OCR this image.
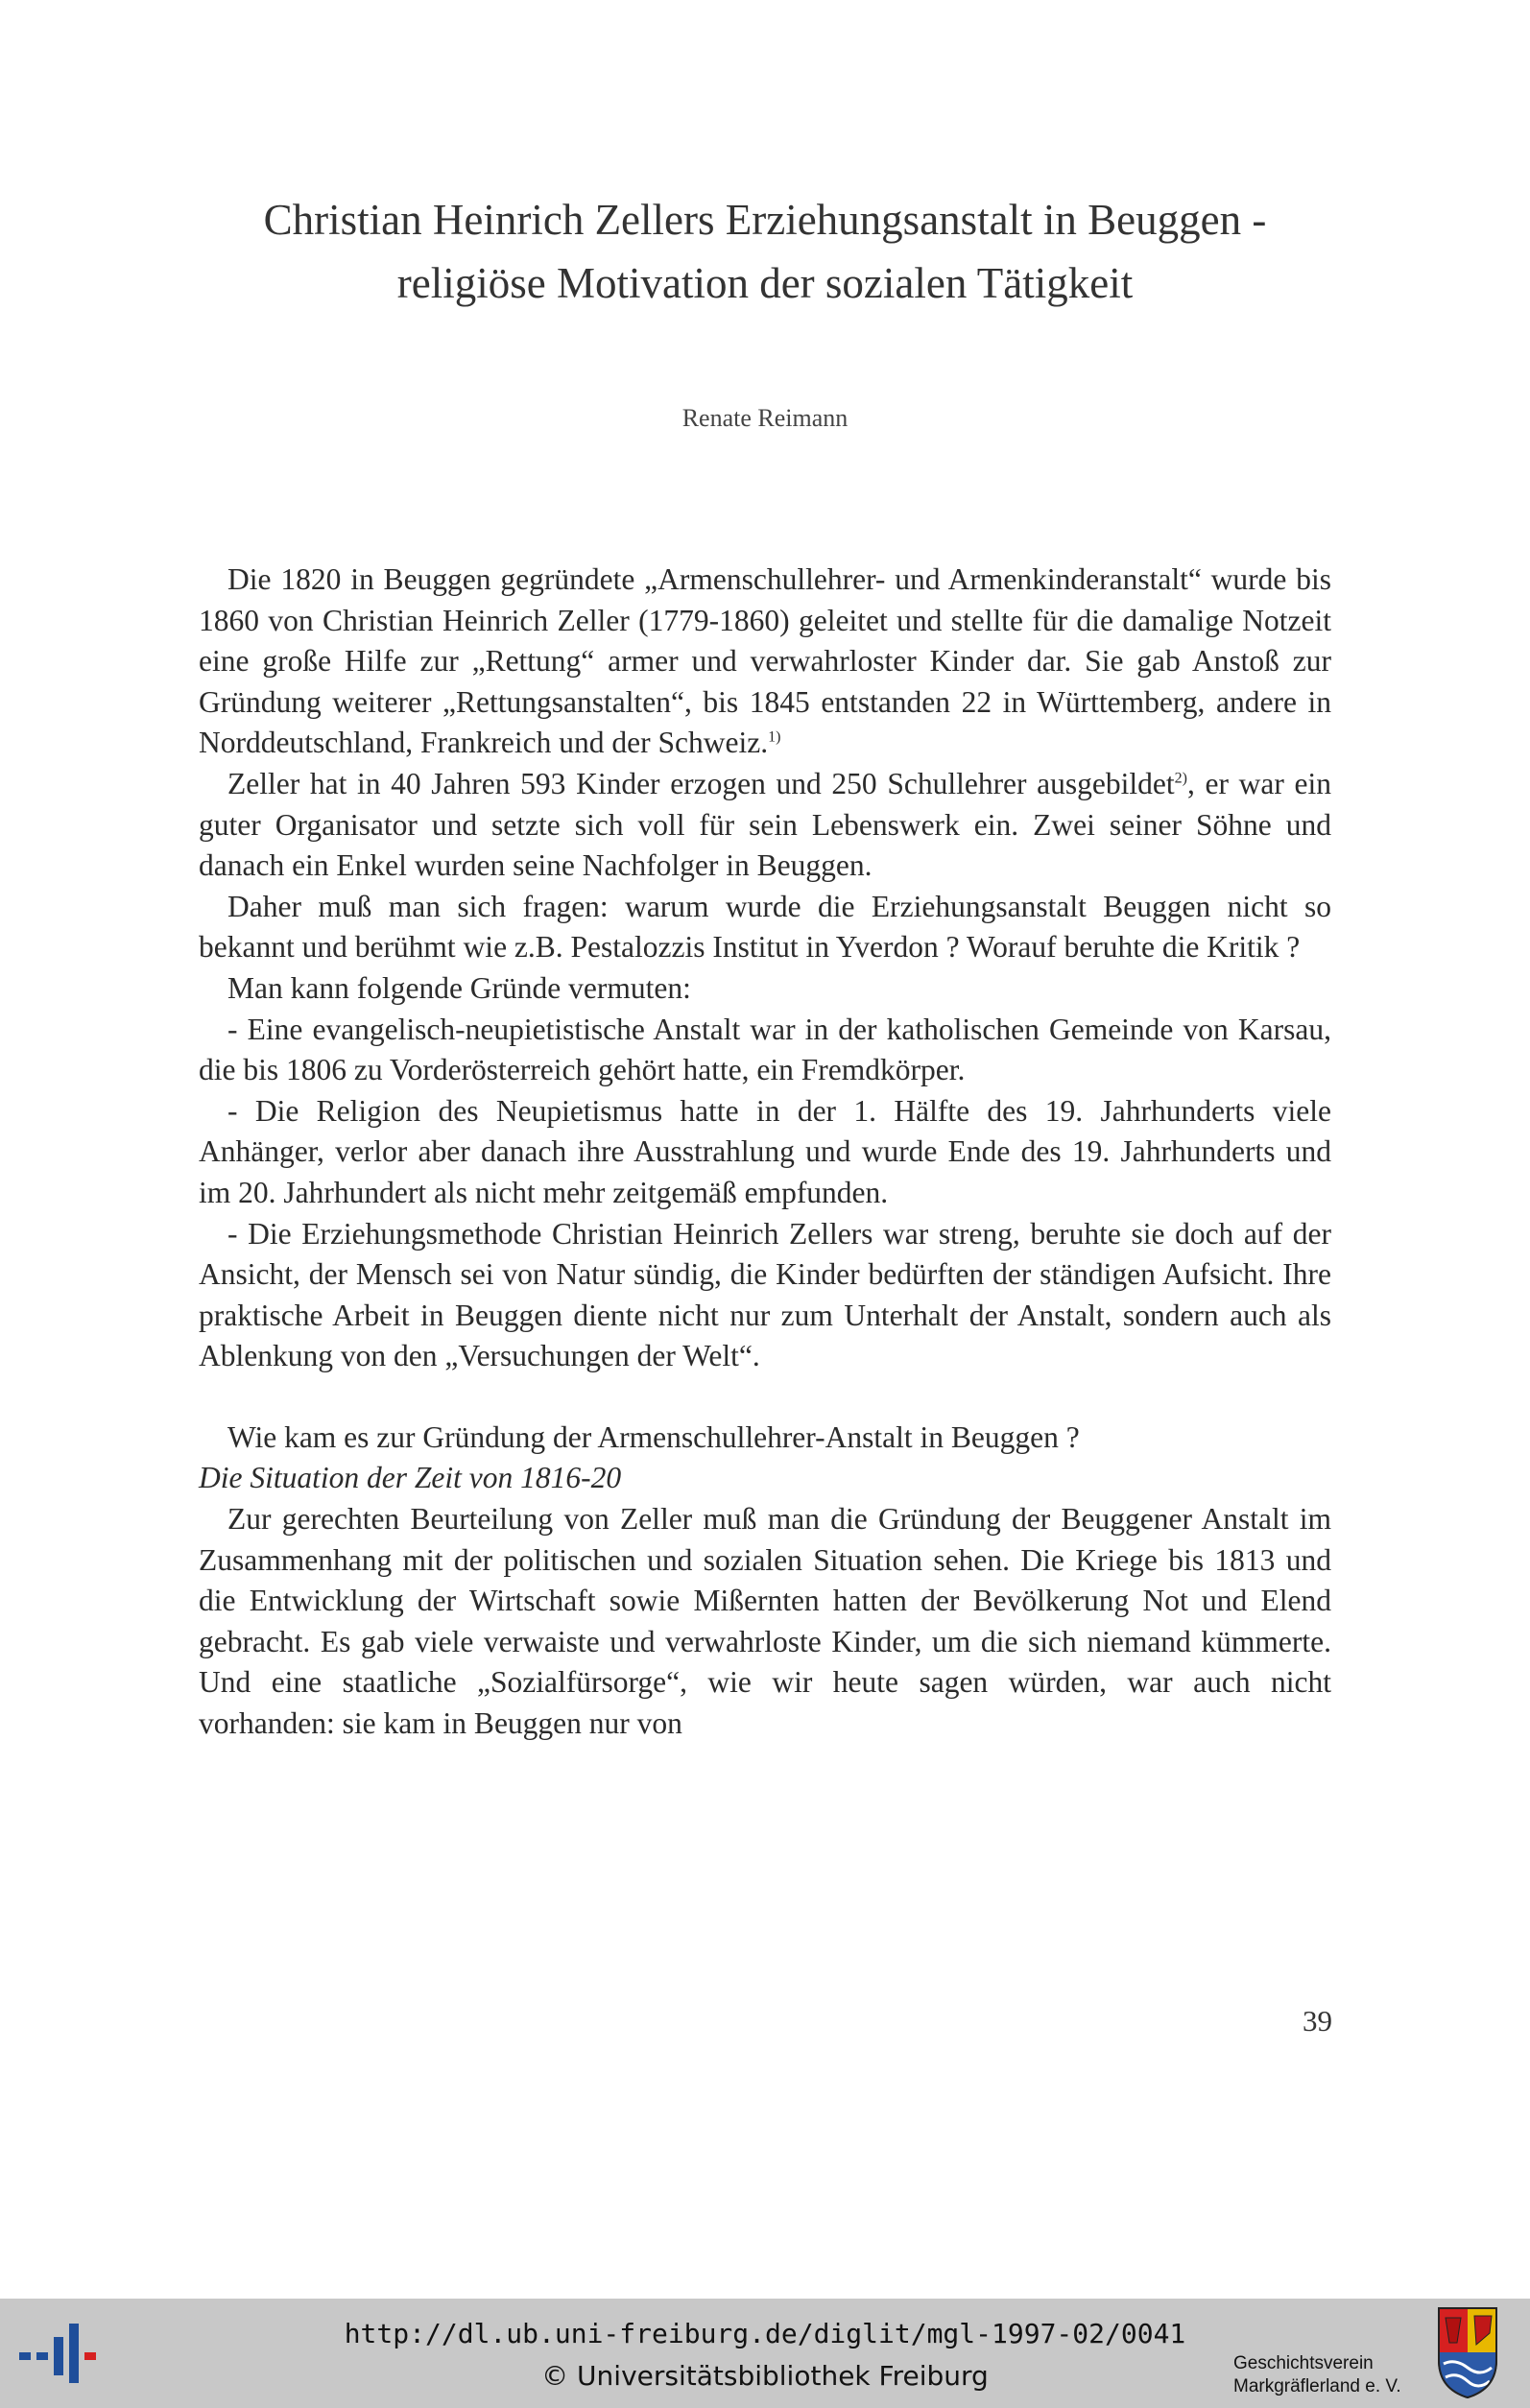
Christian Heinrich Zellers Erziehungsanstalt in Beuggen -
religiöse Motivation der sozialen Tätigkeit
Renate Reimann

Die 1820 in Beuggen gegründete „Armenschullehrer- und Armenkinderanstalt“ wurde bis 1860 von Christian Heinrich Zeller (1779-1860) geleitet und stellte für die damalige Notzeit eine große Hilfe zur „Rettung“ armer und verwahrloster Kinder dar. Sie gab Anstoß zur Gründung weiterer „Rettungsanstalten“, bis 1845 entstanden 22 in Württemberg, andere in Norddeutschland, Frankreich und der Schweiz.$^{1)}$

Zeller hat in 40 Jahren 593 Kinder erzogen und 250 Schullehrer ausgebildet$^{2)}$, er war ein guter Organisator und setzte sich voll für sein Lebenswerk ein. Zwei seiner Söhne und danach ein Enkel wurden seine Nachfolger in Beuggen.

Daher muß man sich fragen: warum wurde die Erziehungsanstalt Beuggen nicht so bekannt und berühmt wie z.B. Pestalozzis Institut in Yverdon ? Worauf beruhte die Kritik ?

Man kann folgende Gründe vermuten:

- Eine evangelisch-neupietistische Anstalt war in der katholischen Gemeinde von Karsau, die bis 1806 zu Vorderösterreich gehört hatte, ein Fremdkörper.

- Die Religion des Neupietismus hatte in der 1. Hälfte des 19. Jahrhunderts viele Anhänger, verlor aber danach ihre Ausstrahlung und wurde Ende des 19. Jahrhunderts und im 20. Jahrhundert als nicht mehr zeitgemäß empfunden.

- Die Erziehungsmethode Christian Heinrich Zellers war streng, beruhte sie doch auf der Ansicht, der Mensch sei von Natur sündig, die Kinder bedürften der ständigen Aufsicht. Ihre praktische Arbeit in Beuggen diente nicht nur zum Unterhalt der Anstalt, sondern auch als Ablenkung von den „Versuchungen der Welt“.

Wie kam es zur Gründung der Armenschullehrer-Anstalt in Beuggen ?

Die Situation der Zeit von 1816-20

Zur gerechten Beurteilung von Zeller muß man die Gründung der Beuggener Anstalt im Zusammenhang mit der politischen und sozialen Situation sehen. Die Kriege bis 1813 und die Entwicklung der Wirtschaft sowie Mißernten hatten der Bevölkerung Not und Elend gebracht. Es gab viele verwaiste und verwahrloste Kinder, um die sich niemand kümmerte. Und eine staatliche „Sozialfürsorge“, wie wir heute sagen würden, war auch nicht vorhanden: sie kam in Beuggen nur von

39
http://dl.ub.uni-freiburg.de/diglit/mgl-1997-02/0041
© Universitätsbibliothek Freiburg	Geschichtsverein
Markgräflerland e. V.
